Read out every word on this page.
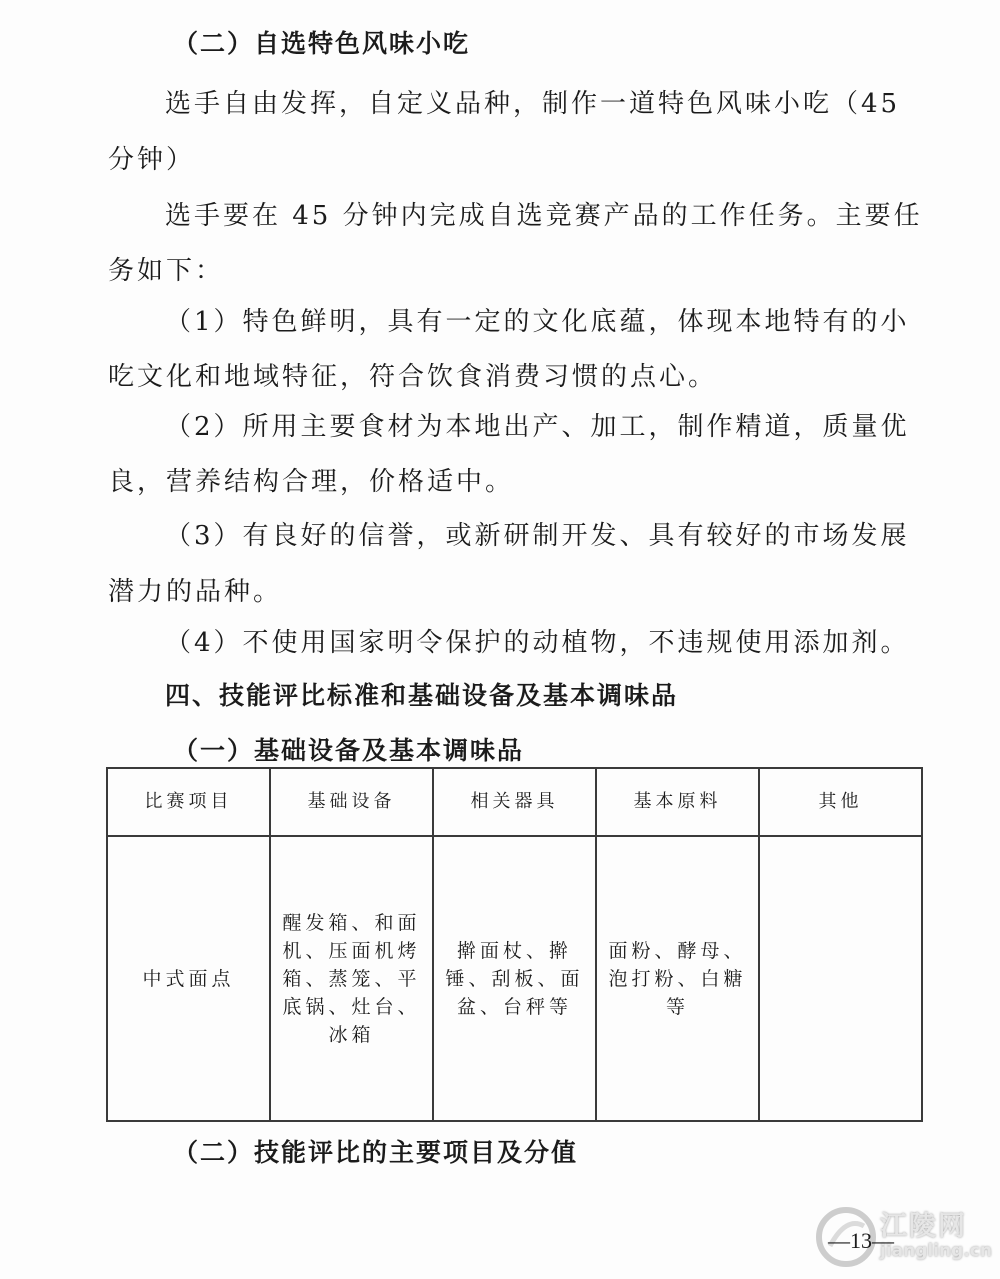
（二）自选特色风味小吃
选手自由发挥，自定义品种，制作一道特色风味小吃（45
分钟）
选手要在 45 分钟内完成自选竞赛产品的工作任务。主要任
务如下：
（1）特色鲜明，具有一定的文化底蕴，体现本地特有的小
吃文化和地域特征，符合饮食消费习惯的点心。
（2）所用主要食材为本地出产、加工，制作精道，质量优
良，营养结构合理，价格适中。
（3）有良好的信誉，或新研制开发、具有较好的市场发展
潜力的品种。
（4）不使用国家明令保护的动植物，不违规使用添加剂。
四、技能评比标准和基础设备及基本调味品
（一）基础设备及基本调味品
比赛项目	基础设备	相关器具	基本原料	其他
中式面点	醒发箱、和面机、压面机烤箱、蒸笼、平底锅、灶台、冰箱	擀面杖、擀锤、刮板、面盆、台秤等	面粉、酵母、泡打粉、白糖等	
（二）技能评比的主要项目及分值
江陵网
jiangling.cn
—13—
